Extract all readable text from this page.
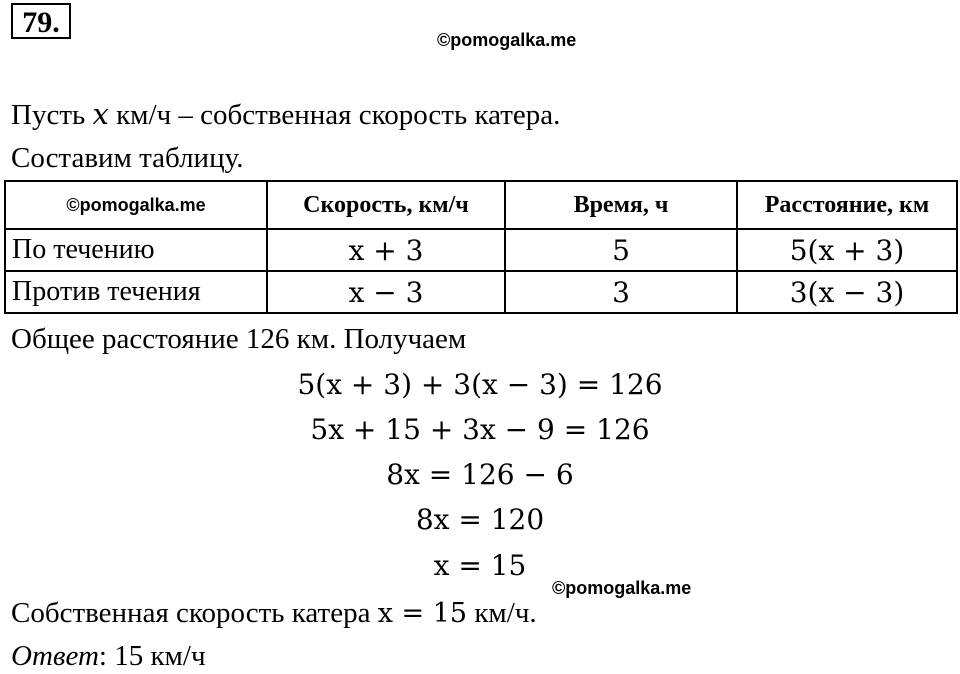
79.
©pomogalka.me
Пусть x км/ч – собственная скорость катера.
Составим таблицу.
©pomogalka.me	Скорость, км/ч	Время, ч	Расстояние, км
По течению	x + 3	5	5(x + 3)
Против течения	x − 3	3	3(x − 3)
Общее расстояние 126 км. Получаем
5(x + 3) + 3(x − 3) = 126
5x + 15 + 3x − 9 = 126
8x = 126 − 6
8x = 120
x = 15
©pomogalka.me
Собственная скорость катера x = 15 км/ч.
Ответ: 15 км/ч
